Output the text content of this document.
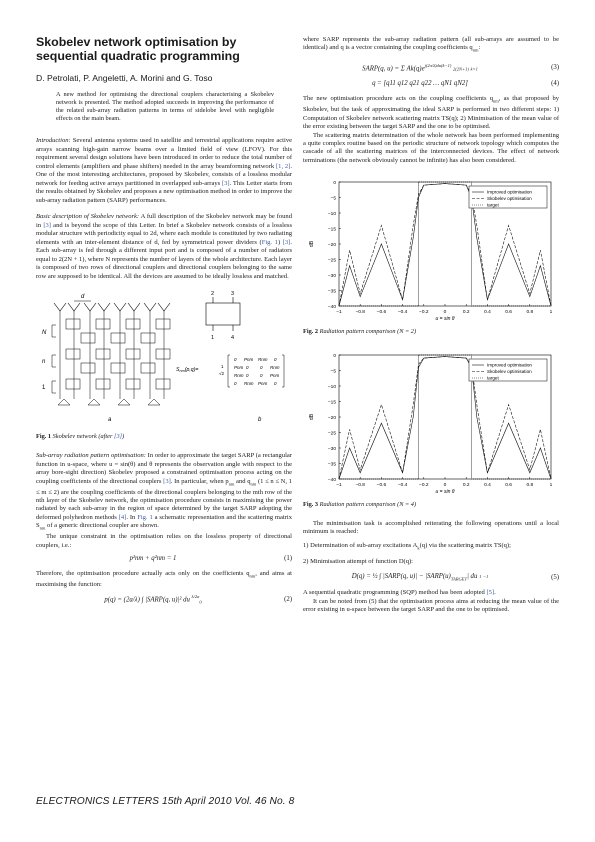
Skobelev network optimisation by
sequential quadratic programming
D. Petrolati, P. Angeletti, A. Morini and G. Toso
A new method for optimising the directional couplers characterising a Skobelev network is presented. The method adopted succeeds in improving the performance of the related sub-array radiation patterns in terms of sidelobe level with negligible effects on the main beam.

Introduction: Several antenna systems used in satellite and terrestrial applications require active arrays scanning high-gain narrow beams over a limited field of view (LFOV). For this requirement several design solutions have been introduced in order to reduce the total number of control elements (amplifiers and phase shifters) needed in the array beamforming network [1, 2]. One of the most interesting architectures, proposed by Skobelev, consists of a lossless modular network for feeding active arrays partitioned in overlapped sub-arrays [3]. This Letter starts from the results obtained by Skobelev and proposes a new optimisation method in order to improve the sub-array radiation pattern (SARP) performances.

Basic description of Skobelev network: A full description of the Skobelev network may be found in [3] and is beyond the scope of this Letter. In brief a Skobelev network consists of a lossless modular structure with periodicity equal to 2d, where each module is constituted by two radiating elements with an inter-element distance of d, fed by symmetrical power dividers (Fig. 1) [3]. Each sub-array is fed through a different input port and is composed of a number of radiators equal to 2(2N + 1), where N represents the number of layers of the whole architecture. Each layer is composed of two rows of directional couplers and directional couplers belonging to the same row are supposed to be identical. All the devices are assumed to be ideally lossless and matched.

d
N
n
1
a
2	3
1	4
Snm(p,q)=
1
√2
0 Pnm Rnm 0
Pnm 0	0 Rnm
Rnm 0	0 Pnm
0 Rnm Pnm 0
b
Fig. 1 Skobelev network (after [3])

Sub-array radiation pattern optimisation: In order to approximate the target SARP (a rectangular function in u-space, where u = sin(θ) and θ represents the observation angle with respect to the array bore-sight direction) Skobelev proposed a constrained optimisation process acting on the coupling coefficients of the directional couplers [3]. In particular, when $p_{nm}$ and $q_{nm}$ (1 ≤ n ≤ N, 1 ≤ m ≤ 2) are the coupling coefficients of the directional couplers belonging to the mth row of the nth layer of the Skobelev network, the optimisation procedure consists in maximising the power radiated by each sub-array in the region of space determined by the target SARP adopting the deformed polyhedron methods [4]. In Fig. 1 a schematic representation and the scattering matrix $S_{nm}$ of a generic directional coupler are shown.

The unique constraint in the optimisation relies on the lossless property of directional couplers, i.e.:

p²nm + q²nm = 1	(1)

Therefore, the optimisation procedure actually acts only on the coefficients $q_{nm}$, and aims at maximising the function:

p(q) = (2a/λ) ∫ |SARP(q, u)|² du $^{\lambda/2a}_0$	(2)

where SARP represents the sub-array radiation pattern (all sub-arrays are assumed to be identical) and q is a vector containing the coupling coefficients $q_{nm}$:

SARP(q, u) = Σ $Ak(q)e^{j(2\pi/\lambda)du(k-1)}$ 2(2N+1) k=1	(3)
q = [q11 q12 q21 q22 … qN1 qN2]	(4)

The new optimisation procedure acts on the coupling coefficients $q_{nm}$, as that proposed by Skobelev, but the task of approximating the ideal SARP is performed in two different steps: 1) Computation of Skobelev network scattering matrix TS(q); 2) Minimisation of the mean value of the error existing between the target SARP and the one to be optimised.

The scattering matrix determination of the whole network has been performed implementing a quite complex routine based on the periodic structure of network topology which computes the cascade of all the scattering matrices of the interconnected devices. The effect of network terminations (the network obviously cannot be infinite) has also been considered.

0
−5
−10
−15
−20
−25
−30
−35
−40
−1	−0.8 −0.6 −0.4 −0.2	0	0.2	0.4	0.6	0.8	1
dB
u = sin θ
Improved optimisation
Skobelev optimisation
target
Fig. 2 Radiation pattern comparison (N = 2)
0
−5
−10
−15
−20
−25
−30
−35
−40
−1	−0.8 −0.6 −0.4 −0.2	0	0.2	0.4	0.6	0.8	1
dB
u = sin θ
Improved optimisation
Skobelev optimisation
target
Fig. 3 Radiation pattern comparison (N = 4)

The minimisation task is accomplished reiterating the following operations until a local minimum is reached:

1) Determination of sub-array excitations $A_k(q)$ via the scattering matrix TS(q);
2) Minimisation attempt of function D(q):
D(q) = ½ ∫ |SARP(q, $u)| - |SARP(u)_{TARGET}|$ du 1 −1	(5)

A sequential quadratic programming (SQP) method has been adopted [5].

It can be noted from (5) that the optimisation process aims at reducing the mean value of the error existing in u-space between the target SARP and the one to be optimised.

ELECTRONICS LETTERS 15th April 2010 Vol. 46 No. 8
